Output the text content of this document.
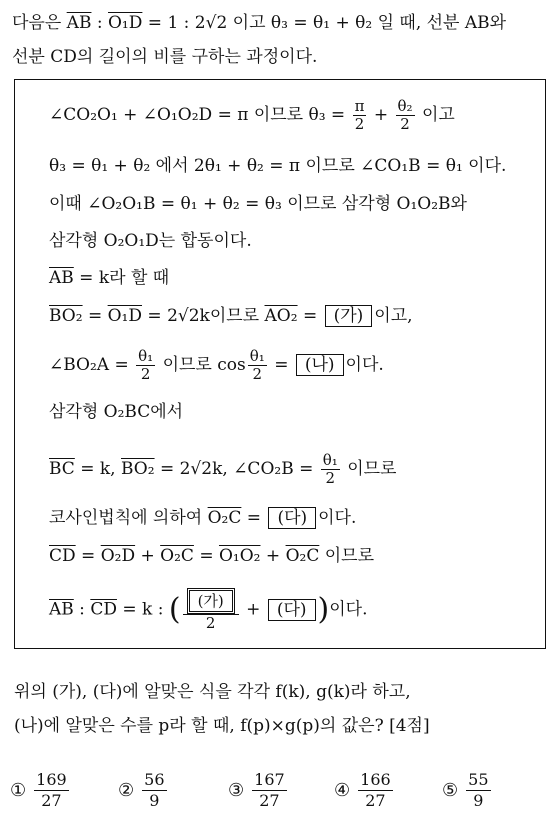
다음은 $\overline{AB}$ : O₁D = 1 : 2√2 이고 θ₃ = θ₁ + θ₂ 일 때, 선분 AB와
선분 CD의 길이의 비를 구하는 과정이다.
∠CO₂O₁ + ∠O₁O₂D = π 이므로 $\theta_3 = \frac{\pi}{2} + \frac{\text{θ₂}}{2}$ 이고
θ₃ = θ₁ + θ₂ 에서 2θ₁ + θ₂ = π 이므로 ∠CO₁B = θ₁ 이다.
이때 ∠O₂O₁B = θ₁ + θ₂ = θ₃ 이므로 삼각형 O₁O₂B와
삼각형 O₂O₁D는 합동이다.
$\overline{AB} = k$라 할 때
BO₂ = O₁D = 2√2k이므로 AO₂ = (가) 이고,
∠BO₂A = $\frac{\text{θ₁}}{2}$ 이므로 $\cos \frac{\text{θ₁}}{2}$ = (나) 이다.
삼각형 O₂BC에서
$\overline{BC} = k$, BO₂ = 2√2k, ∠CO₂B = $\frac{\text{θ₁}}{2}$ 이므로
코사인법칙에 의하여 O₂C = (다) 이다.
$\overline{CD} = O_2D + O_2C = O_1O_2 + O_2C$ 이므로
$\overline{AB}$ : $\overline{CD} = k$ : ( $\frac{\text{(가)}}{2}$ + (다) )이다.
위의 (가), (다)에 알맞은 식을 각각 f(k), g(k)라 하고,
(나)에 알맞은 수를 p라 할 때, f(p)×g(p)의 값은? [4점]
① $\frac{169}{27}$	② $\frac{56}{9}$	③ $\frac{167}{27}$	④ $\frac{166}{27}$	⑤ $\frac{55}{9}$
